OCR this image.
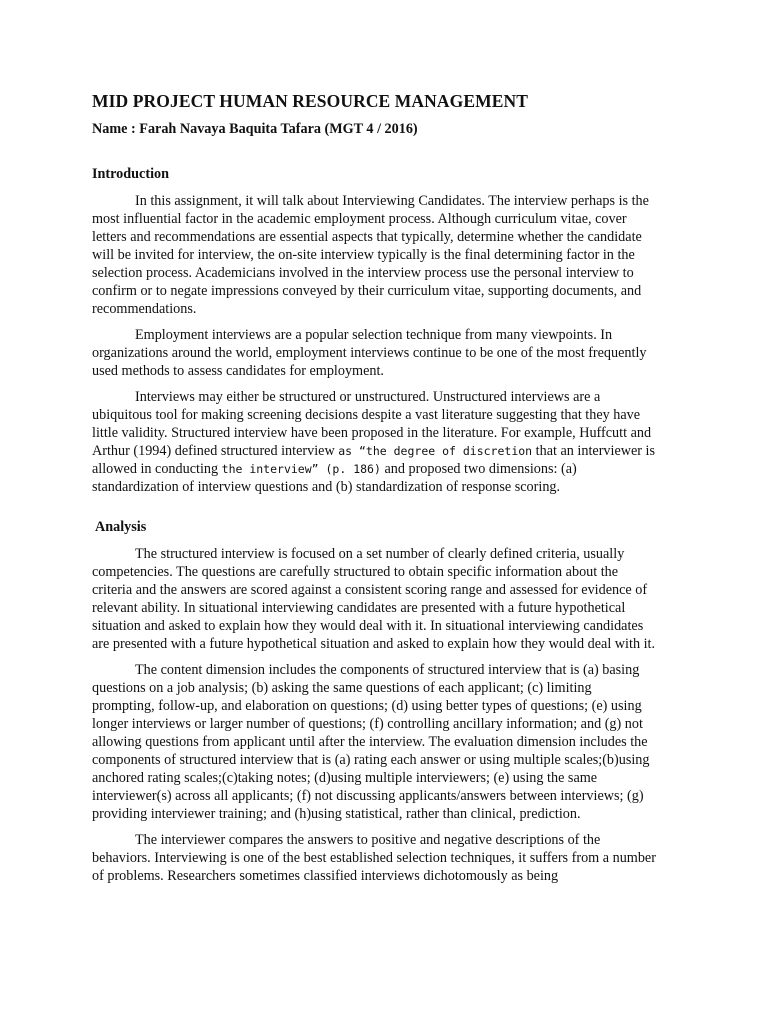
MID PROJECT HUMAN RESOURCE MANAGEMENT
Name : Farah Navaya Baquita Tafara (MGT 4 / 2016)
Introduction

In this assignment, it will talk about Interviewing Candidates. The interview perhaps is the most influential factor in the academic employment process. Although curriculum vitae, cover letters and recommendations are essential aspects that typically, determine whether the candidate will be invited for interview, the on-site interview typically is the final determining factor in the selection process. Academicians involved in the interview process use the personal interview to confirm or to negate impressions conveyed by their curriculum vitae, supporting documents, and recommendations.

Employment interviews are a popular selection technique from many viewpoints. In organizations around the world, employment interviews continue to be one of the most frequently used methods to assess candidates for employment.

Interviews may either be structured or unstructured. Unstructured interviews are a ubiquitous tool for making screening decisions despite a vast literature suggesting that they have little validity. Structured interview have been proposed in the literature. For example, Huffcutt and Arthur (1994) defined structured interview as “the degree of discretion that an interviewer is allowed in conducting the interview” (p. 186) and proposed two dimensions: (a) standardization of interview questions and (b) standardization of response scoring.

Analysis

The structured interview is focused on a set number of clearly defined criteria, usually competencies. The questions are carefully structured to obtain specific information about the criteria and the answers are scored against a consistent scoring range and assessed for evidence of relevant ability. In situational interviewing candidates are presented with a future hypothetical situation and asked to explain how they would deal with it. In situational interviewing candidates are presented with a future hypothetical situation and asked to explain how they would deal with it.

The content dimension includes the components of structured interview that is (a) basing questions on a job analysis; (b) asking the same questions of each applicant; (c) limiting prompting, follow-up, and elaboration on questions; (d) using better types of questions; (e) using longer interviews or larger number of questions; (f) controlling ancillary information; and (g) not allowing questions from applicant until after the interview. The evaluation dimension includes the components of structured interview that is (a) rating each answer or using multiple scales;(b)using anchored rating scales;(c)taking notes; (d)using multiple interviewers; (e) using the same interviewer(s) across all applicants; (f) not discussing applicants/answers between interviews; (g) providing interviewer training; and (h)using statistical, rather than clinical, prediction.

The interviewer compares the answers to positive and negative descriptions of the behaviors. Interviewing is one of the best established selection techniques, it suffers from a number of problems. Researchers sometimes classified interviews dichotomously as being
